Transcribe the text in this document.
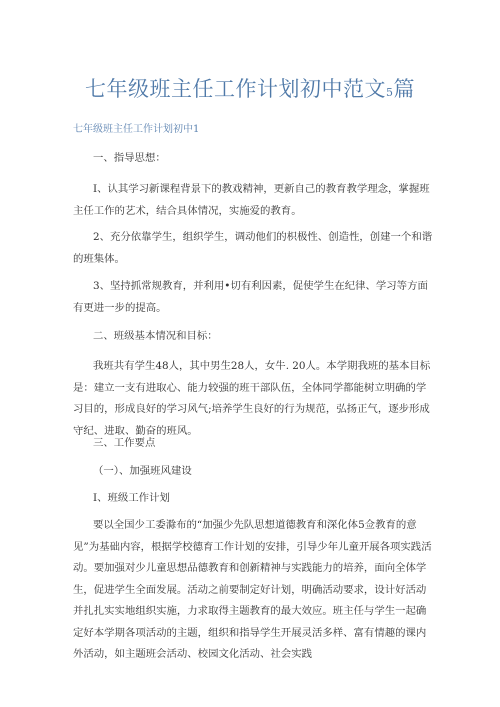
七年级班主任工作计划初中范文5篇
七年级班主任工作计划初中1
一、指导思想：

I、认其学习新课程背景下的教戏精神，更新自己的教育教学理念，掌握班主任工作的艺术，结合具体情况，实施爱的教育。

2、充分依靠学生，组织学生，调动他们的枳极性、创造性，创建一个和谐的班集体。

3、坚持抓常规教育，并利用•切有利因素，促使学生在纪律、学习等方面有更进一步的提高。

二、班级基本情况和目标：

我班共有学生48人，其中男生28人，女牛. 20人。本学期我班的基本目标是：建立一支有进取心、能力较强的班干部队伍，全体同学都能树立明确的学习目的，形成良好的学习风气;培养学生良好的行为规范，弘扬正气，逐步形成守纪、进取、勤奋的班风。

三、工作要点
（一）、加强班风建设
I、班级工作计划

要以全国少工委滁布的“加强少先队思想道德教育和深化体5佥教育的意见”为基础内容，根据学校德育工作计划的安排，引导少年儿童开展各项实践活动。要加强对少儿童思想品德教育和创新精神与实践能力的培养，面向全体学生，促进学生全面发展。活动之前要制定好计划，明确活动要求，设计好活动并扎扎实实地组织实施，力求取得主题教育的最大效应。班主任与学生一起确定好本学期各项活动的主题，组织和指导学生开展灵活多样、富有情趣的课内外活动，如主题班会活动、校园文化活动、社会实践
